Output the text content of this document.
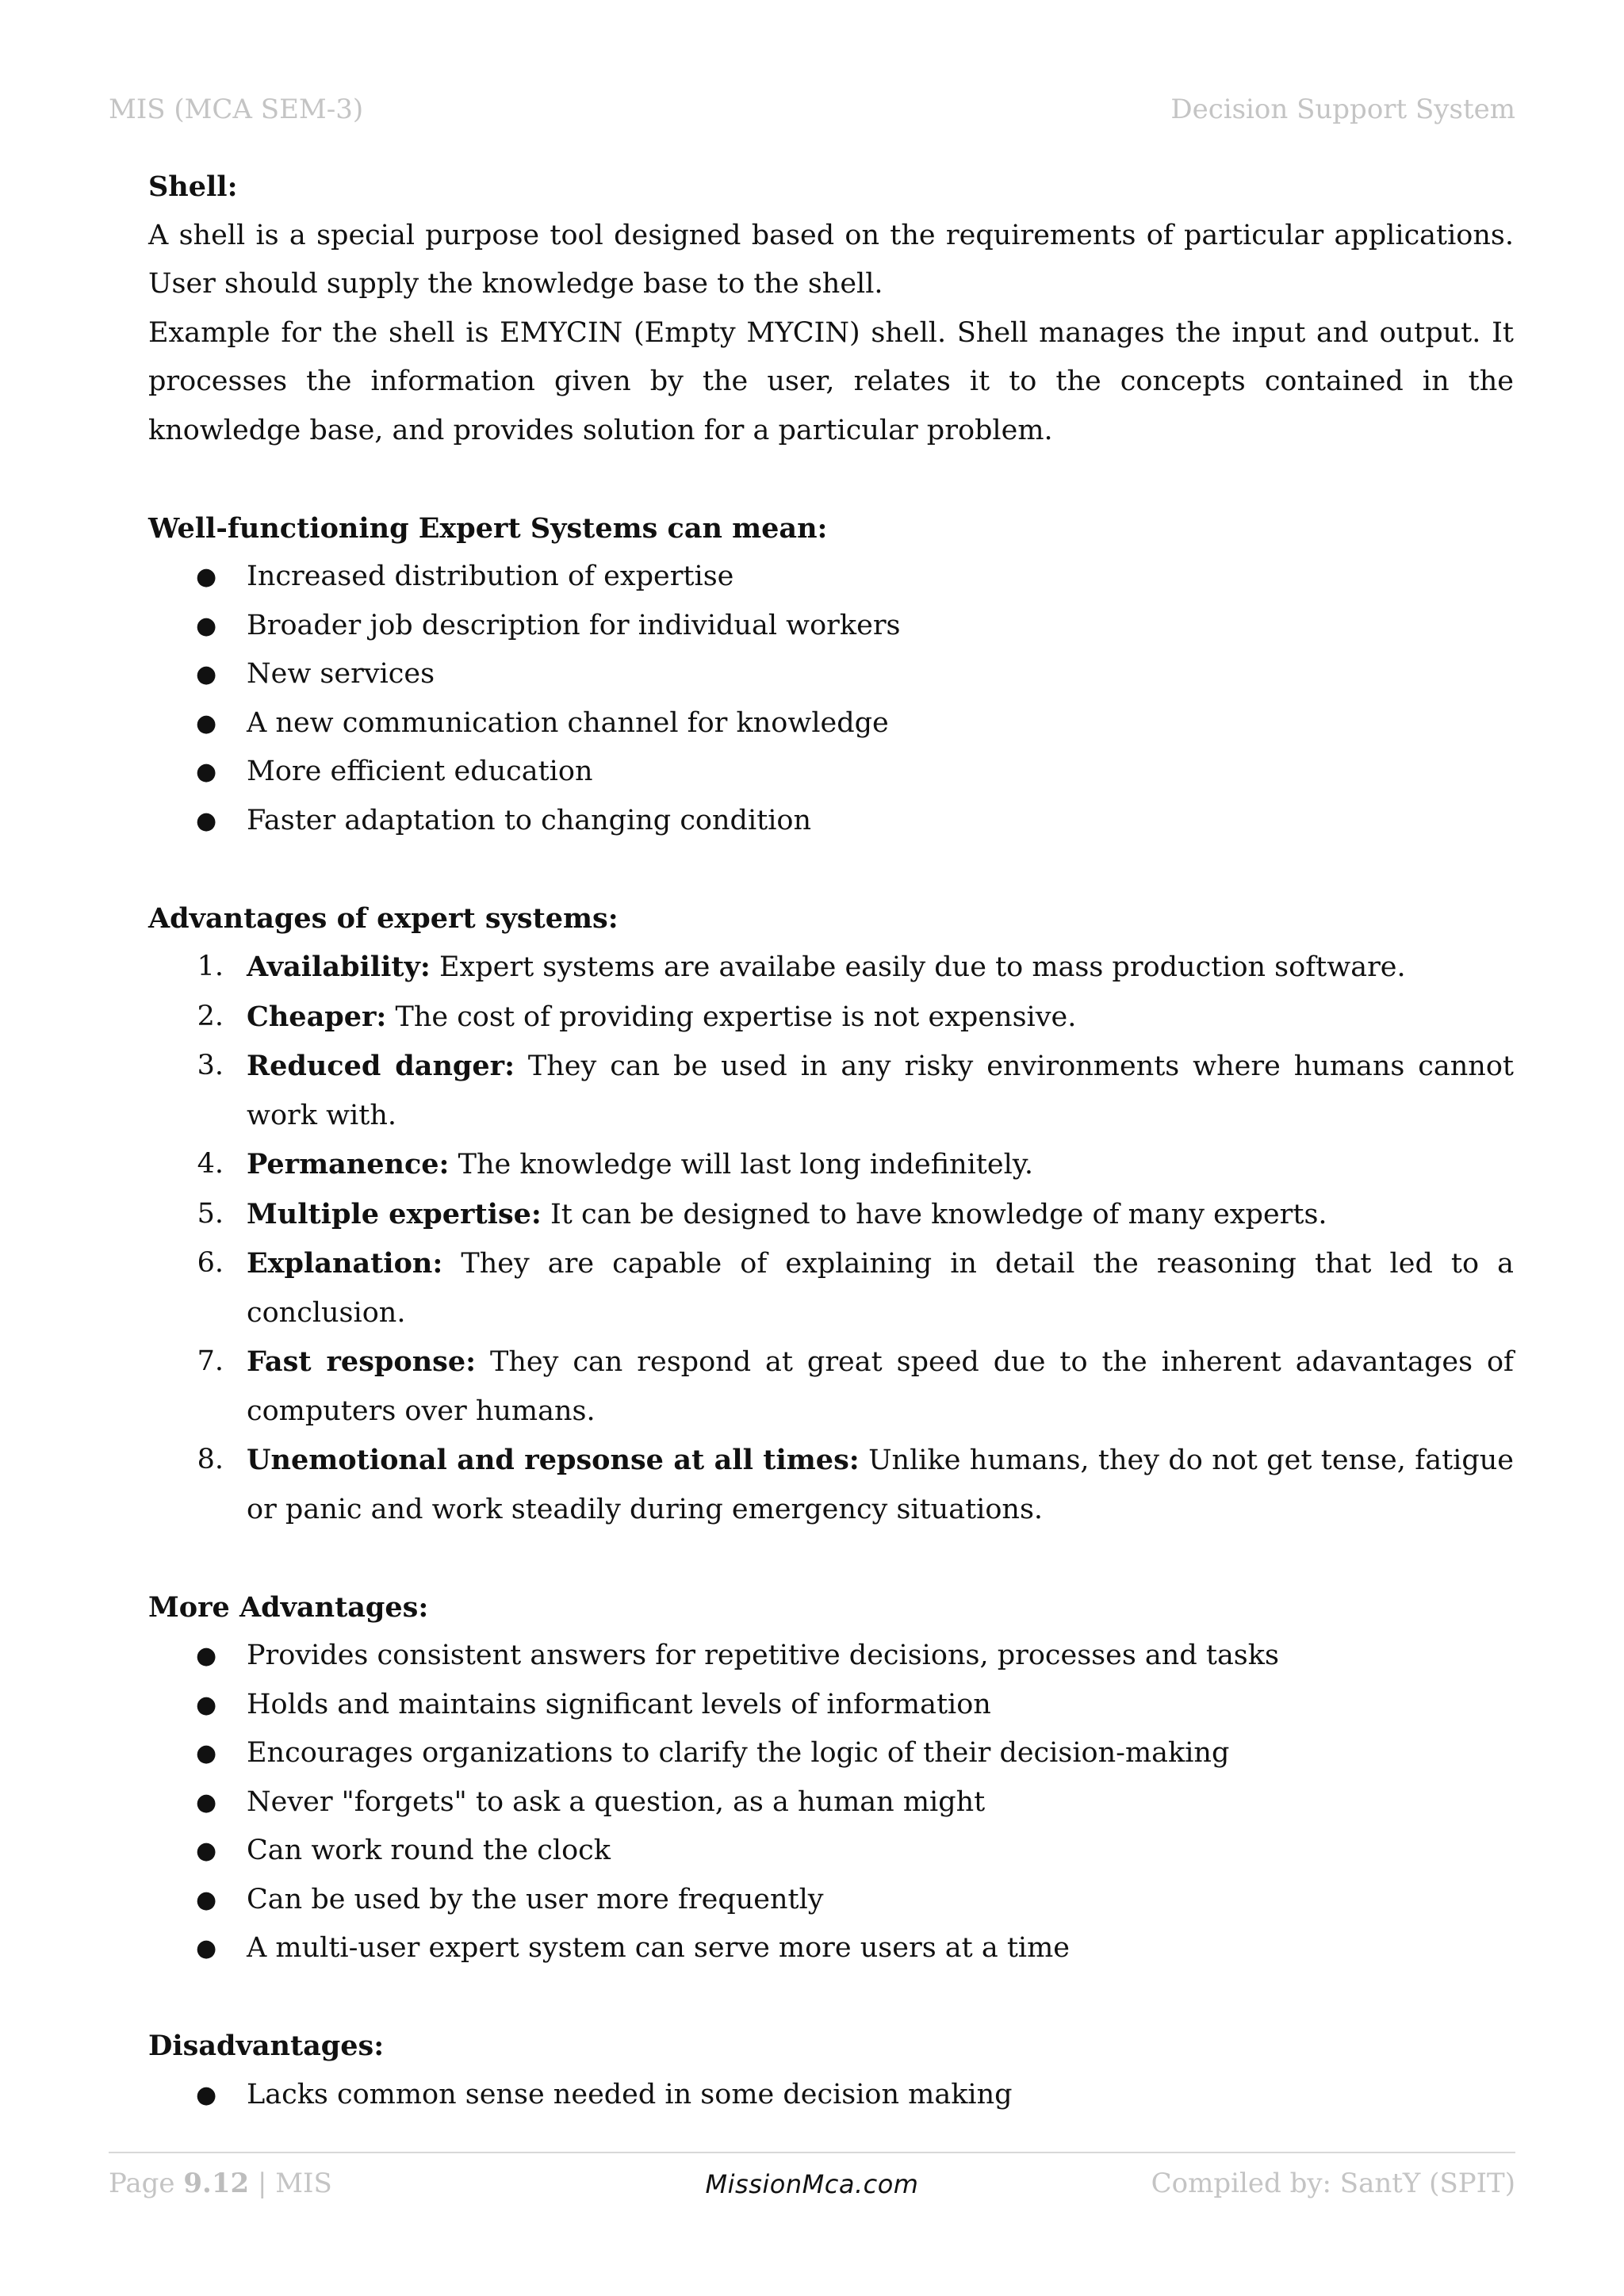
MIS (MCA SEM-3)	Decision Support System
Shell:

A shell is a special purpose tool designed based on the requirements of particular applications. User should supply the knowledge base to the shell.

Example for the shell is EMYCIN (Empty MYCIN) shell. Shell manages the input and output. It processes the information given by the user, relates it to the concepts contained in the knowledge base, and provides solution for a particular problem.

Well-functioning Expert Systems can mean:
● Increased distribution of expertise
● Broader job description for individual workers
● New services
● A new communication channel for knowledge
● More efficient education
● Faster adaptation to changing condition
Advantages of expert systems:
1. Availability: Expert systems are availabe easily due to mass production software.
2. Cheaper: The cost of providing expertise is not expensive.
3. Reduced danger: They can be used in any risky environments where humans cannot work with.
4. Permanence: The knowledge will last long indefinitely.
5. Multiple expertise: It can be designed to have knowledge of many experts.
6. Explanation: They are capable of explaining in detail the reasoning that led to a conclusion.
7. Fast response: They can respond at great speed due to the inherent adavantages of computers over humans.
8. Unemotional and repsonse at all times: Unlike humans, they do not get tense, fatigue or panic and work steadily during emergency situations.
More Advantages:
● Provides consistent answers for repetitive decisions, processes and tasks
● Holds and maintains significant levels of information
● Encourages organizations to clarify the logic of their decision-making
● Never "forgets" to ask a question, as a human might
● Can work round the clock
● Can be used by the user more frequently
● A multi-user expert system can serve more users at a time
Disadvantages:
● Lacks common sense needed in some decision making
Page 9.12 | MIS	MissionMca.com	Compiled by: SantY (SPIT)
